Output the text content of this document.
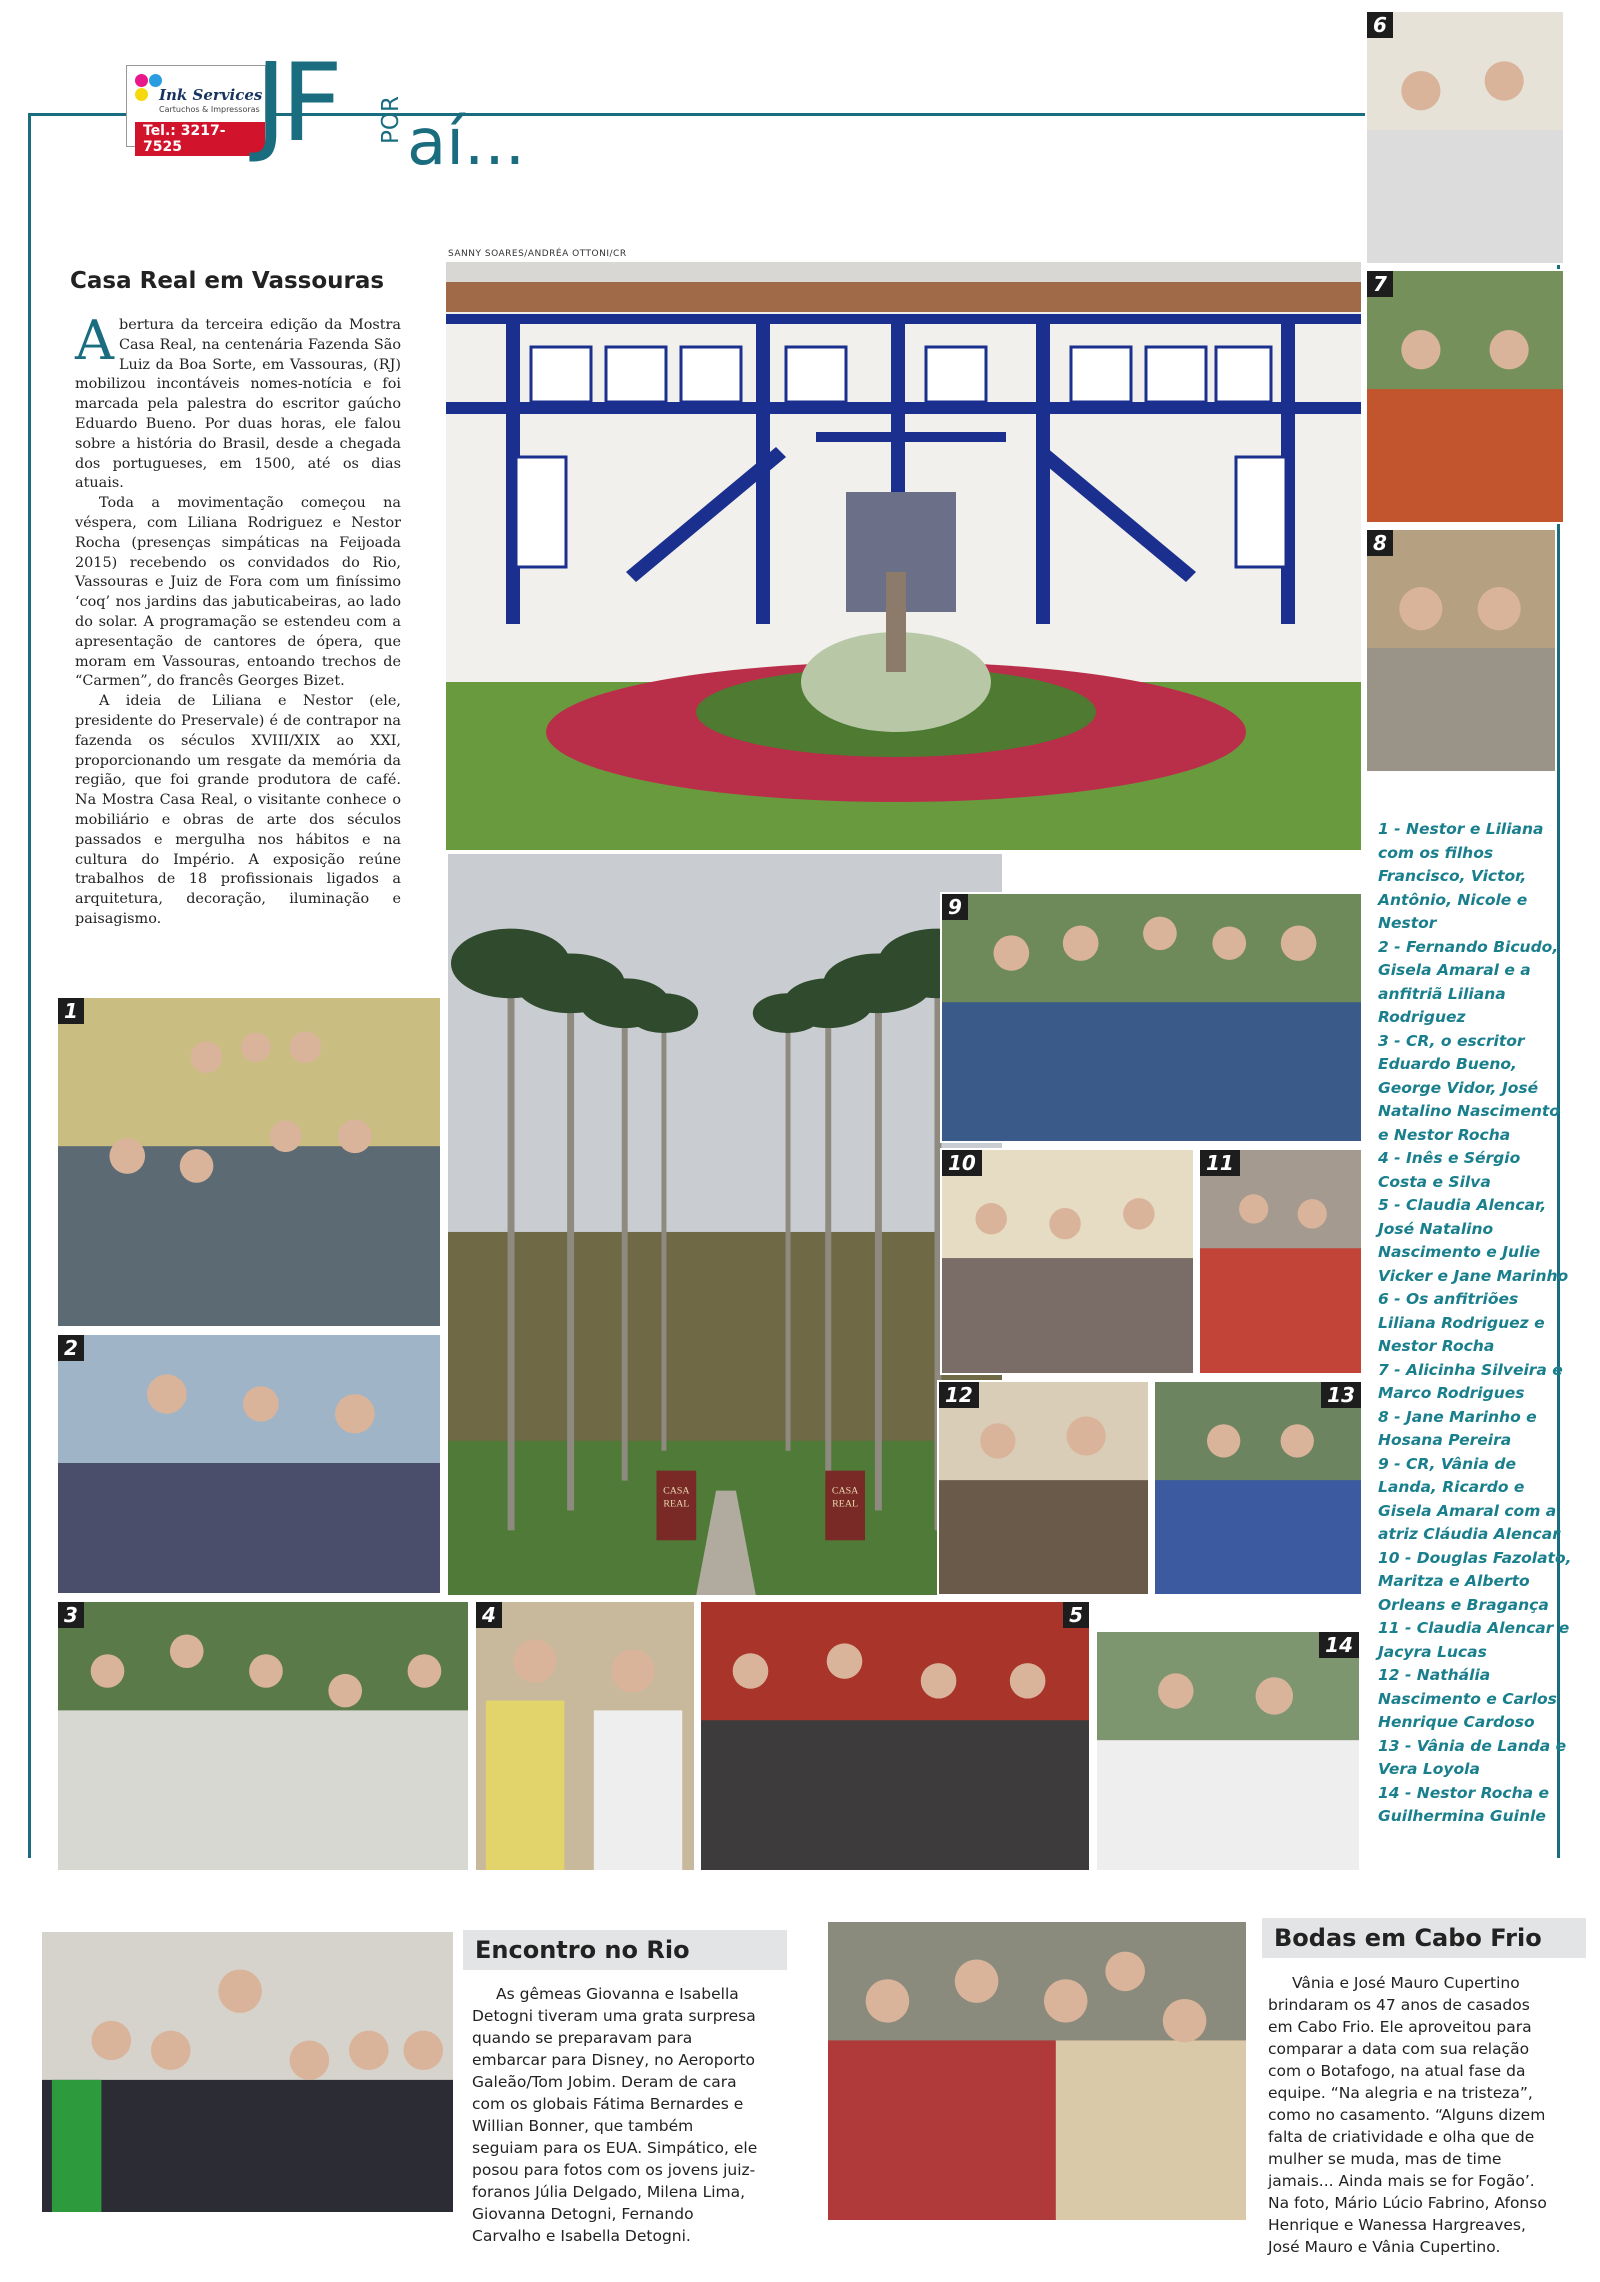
Ink Services
Cartuchos & Impressoras
Tel.: 3217-7525 JF POR aí...
Casa Real em Vassouras

Abertura da terceira edição da Mostra Casa Real, na centenária Fazenda São Luiz da Boa Sorte, em Vassouras, (RJ) mobilizou incontáveis nomes-notícia e foi marcada pela palestra do escritor gaúcho Eduardo Bueno. Por duas horas, ele falou sobre a história do Brasil, desde a chegada dos portugueses, em 1500, até os dias atuais.

Toda a movimentação começou na véspera, com Liliana Rodriguez e Nestor Rocha (presenças simpáticas na Feijoada 2015) recebendo os convidados do Rio, Vassouras e Juiz de Fora com um finíssimo ‘coq’ nos jardins das jabuticabeiras, ao lado do solar. A programação se estendeu com a apresentação de cantores de ópera, que moram em Vassouras, entoando trechos de “Carmen”, do francês Georges Bizet.

A ideia de Liliana e Nestor (ele, presidente do Preservale) é de contrapor na fazenda os séculos XVIII/XIX ao XXI, proporcionando um resgate da memória da região, que foi grande produtora de café. Na Mostra Casa Real, o visitante conhece o mobiliário e obras de arte dos séculos passados e mergulha nos hábitos e na cultura do Império. A exposição reúne trabalhos de 18 profissionais ligados a arquitetura, decoração, iluminação e paisagismo.

SANNY SOARES/ANDRÉA OTTONI/CR
CASA
REAL
CASA
REAL
1
2
3	4	5
9
10	11
12	13
14
6
7
8
1 - Nestor e Liliana com os filhos Francisco, Victor, Antônio, Nicole e Nestor
2 - Fernando Bicudo, Gisela Amaral e a anfitriã Liliana Rodriguez
3 - CR, o escritor Eduardo Bueno, George Vidor, José Natalino Nascimento e Nestor Rocha
4 - Inês e Sérgio Costa e Silva
5 - Claudia Alencar, José Natalino Nascimento e Julie Vicker e Jane Marinho
6 - Os anfitriões Liliana Rodriguez e Nestor Rocha
7 - Alicinha Silveira e Marco Rodrigues
8 - Jane Marinho e Hosana Pereira
9 - CR, Vânia de Landa, Ricardo e Gisela Amaral com a atriz Cláudia Alencar
10 - Douglas Fazolato, Maritza e Alberto Orleans e Bragança
11 - Claudia Alencar e Jacyra Lucas
12 - Nathália Nascimento e Carlos Henrique Cardoso
13 - Vânia de Landa e Vera Loyola
14 - Nestor Rocha e Guilhermina Guinle
Encontro no Rio

As gêmeas Giovanna e Isabella Detogni tiveram uma grata surpresa quando se preparavam para embarcar para Disney, no Aeroporto Galeão/Tom Jobim. Deram de cara com os globais Fátima Bernardes e Willian Bonner, que também seguiam para os EUA. Simpático, ele posou para fotos com os jovens juiz-foranos Júlia Delgado, Milena Lima, Giovanna Detogni, Fernando Carvalho e Isabella Detogni.

Bodas em Cabo Frio

Vânia e José Mauro Cupertino brindaram os 47 anos de casados em Cabo Frio. Ele aproveitou para comparar a data com sua relação com o Botafogo, na atual fase da equipe. “Na alegria e na tristeza”, como no casamento. “Alguns dizem falta de criatividade e olha que de mulher se muda, mas de time jamais... Ainda mais se for Fogão’. Na foto, Mário Lúcio Fabrino, Afonso Henrique e Wanessa Hargreaves, José Mauro e Vânia Cupertino.
